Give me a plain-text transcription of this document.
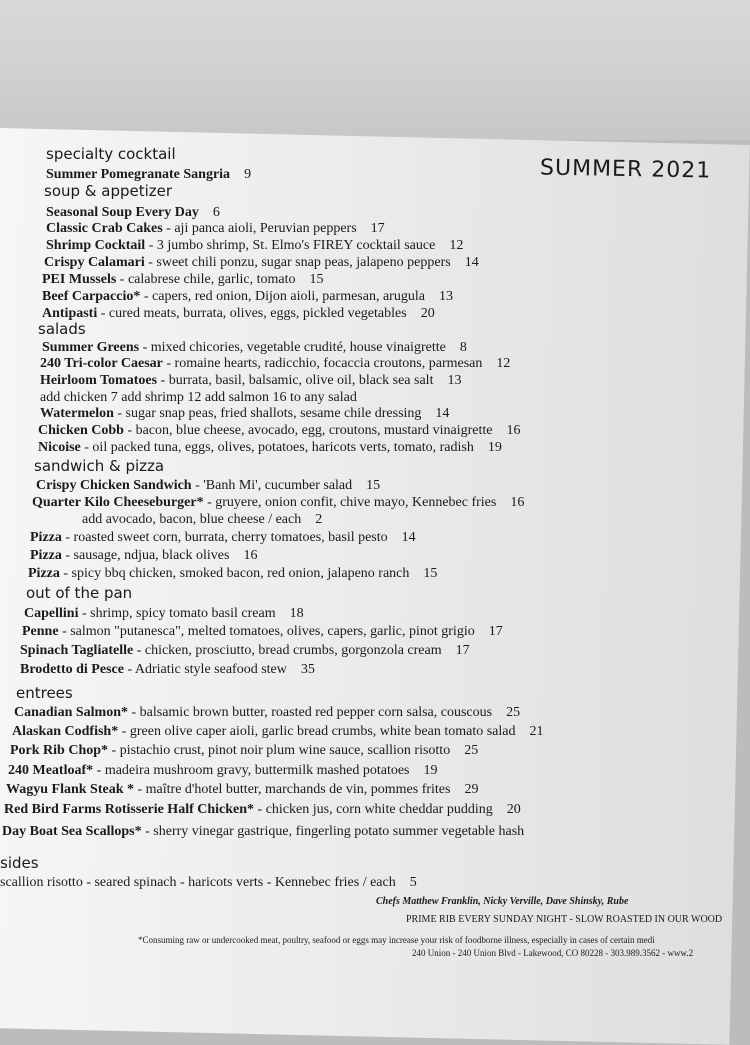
SUMMER 2021
specialty cocktail
Summer Pomegranate Sangria 9
soup & appetizer
Seasonal Soup Every Day 6
Classic Crab Cakes - aji panca aioli, Peruvian peppers 17
Shrimp Cocktail - 3 jumbo shrimp, St. Elmo's FIREY cocktail sauce 12
Crispy Calamari - sweet chili ponzu, sugar snap peas, jalapeno peppers 14
PEI Mussels - calabrese chile, garlic, tomato 15
Beef Carpaccio* - capers, red onion, Dijon aioli, parmesan, arugula 13
Antipasti - cured meats, burrata, olives, eggs, pickled vegetables 20
salads
Summer Greens - mixed chicories, vegetable crudité, house vinaigrette 8
240 Tri-color Caesar - romaine hearts, radicchio, focaccia croutons, parmesan 12
Heirloom Tomatoes - burrata, basil, balsamic, olive oil, black sea salt 13
add chicken 7 add shrimp 12 add salmon 16 to any salad
Watermelon - sugar snap peas, fried shallots, sesame chile dressing 14
Chicken Cobb - bacon, blue cheese, avocado, egg, croutons, mustard vinaigrette 16
Nicoise - oil packed tuna, eggs, olives, potatoes, haricots verts, tomato, radish 19
sandwich & pizza
Crispy Chicken Sandwich - 'Banh Mi', cucumber salad 15
Quarter Kilo Cheeseburger* - gruyere, onion confit, chive mayo, Kennebec fries 16
add avocado, bacon, blue cheese / each 2
Pizza - roasted sweet corn, burrata, cherry tomatoes, basil pesto 14
Pizza - sausage, ndjua, black olives 16
Pizza - spicy bbq chicken, smoked bacon, red onion, jalapeno ranch 15
out of the pan
Capellini - shrimp, spicy tomato basil cream 18
Penne - salmon "putanesca", melted tomatoes, olives, capers, garlic, pinot grigio 17
Spinach Tagliatelle - chicken, prosciutto, bread crumbs, gorgonzola cream 17
Brodetto di Pesce - Adriatic style seafood stew 35
entrees
Canadian Salmon* - balsamic brown butter, roasted red pepper corn salsa, couscous 25
Alaskan Codfish* - green olive caper aioli, garlic bread crumbs, white bean tomato salad 21
Pork Rib Chop* - pistachio crust, pinot noir plum wine sauce, scallion risotto 25
240 Meatloaf* - madeira mushroom gravy, buttermilk mashed potatoes 19
Wagyu Flank Steak * - maître d'hotel butter, marchands de vin, pommes frites 29
Red Bird Farms Rotisserie Half Chicken* - chicken jus, corn white cheddar pudding 20
Day Boat Sea Scallops* - sherry vinegar gastrique, fingerling potato summer vegetable hash
sides
scallion risotto - seared spinach - haricots verts - Kennebec fries / each 5
Chefs Matthew Franklin, Nicky Verville, Dave Shinsky, Rube
PRIME RIB EVERY SUNDAY NIGHT - SLOW ROASTED IN OUR WOOD
*Consuming raw or undercooked meat, poultry, seafood or eggs may increase your risk of foodborne illness, especially in cases of certain medi
240 Union - 240 Union Blvd - Lakewood, CO 80228 - 303.989.3562 - www.2
